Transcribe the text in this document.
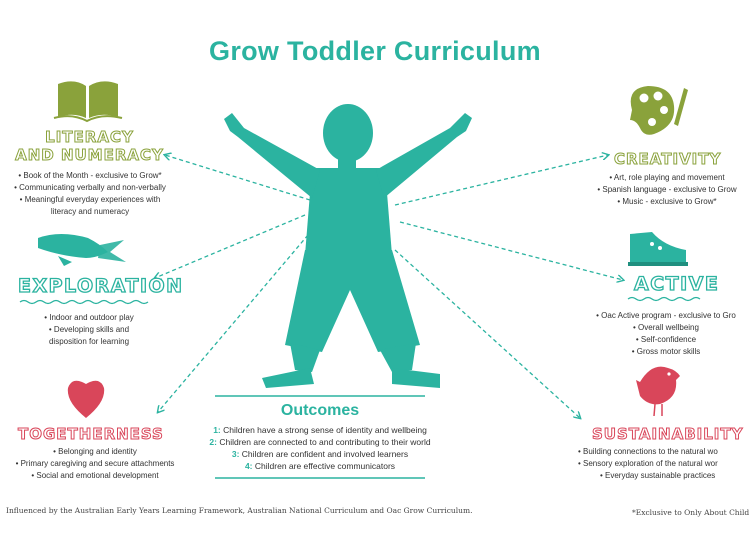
Grow Toddler Curriculum
LITERACY
AND NUMERACY
• Book of the Month - exclusive to Grow*
• Communicating verbally and non-verbally
• Meaningful everyday experiences with
literacy and numeracy
CREATIVITY
• Art, role playing and movement
• Spanish language - exclusive to Grow
• Music - exclusive to Grow*
EXPLORATION
• Indoor and outdoor play
• Developing skills and
disposition for learning
ACTIVE
• Oac Active program - exclusive to Gro
• Overall wellbeing
• Self-confidence
• Gross motor skills
TOGETHERNESS
• Belonging and identity
• Primary caregiving and secure attachments
• Social and emotional development
SUSTAINABILITY
• Building connections to the natural wo
• Sensory exploration of the natural wor
• Everyday sustainable practices
Outcomes
1: Children have a strong sense of identity and wellbeing
2: Children are connected to and contributing to their world
3: Children are confident and involved learners
4: Children are effective communicators
Influenced by the Australian Early Years Learning Framework, Australian National Curriculum and Oac Grow Curriculum.	*Exclusive to Only About Child
